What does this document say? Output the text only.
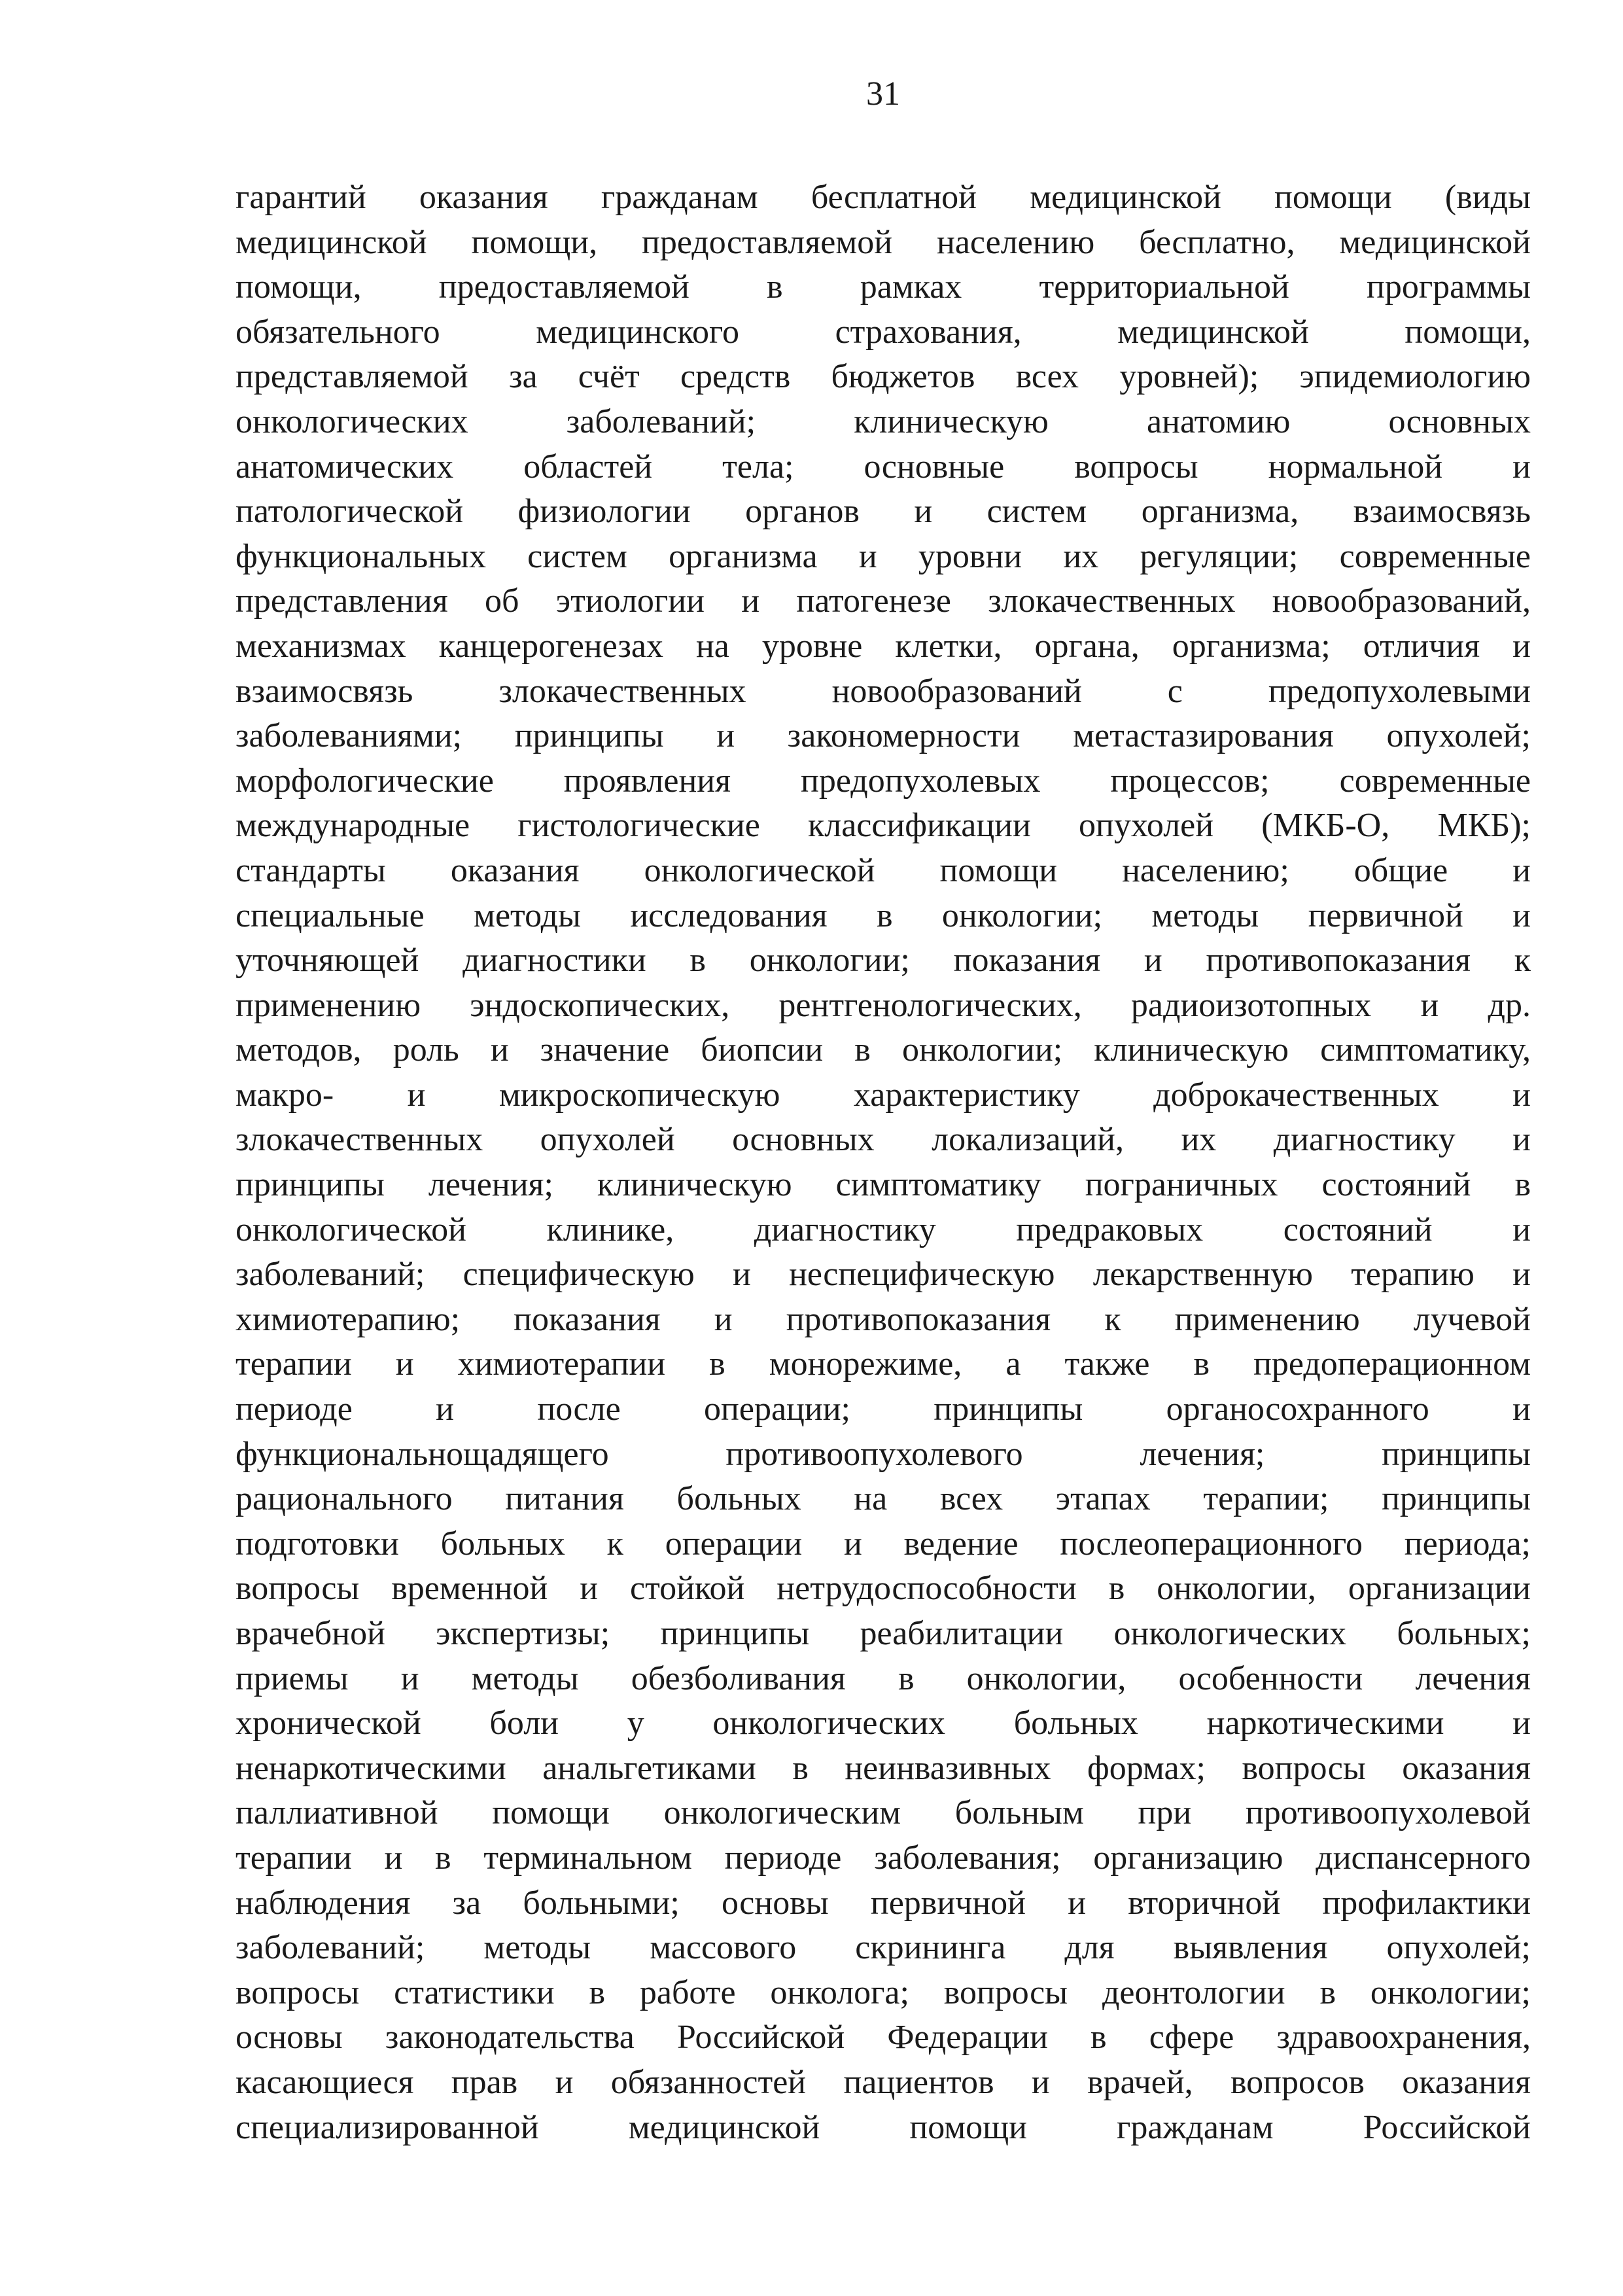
31
гарантий оказания гражданам бесплатной медицинской помощи (виды
медицинской помощи, предоставляемой населению бесплатно, медицинской
помощи, предоставляемой в рамках территориальной программы
обязательного медицинского страхования, медицинской помощи,
представляемой за счёт средств бюджетов всех уровней); эпидемиологию
онкологических заболеваний; клиническую анатомию основных
анатомических областей тела; основные вопросы нормальной и
патологической физиологии органов и систем организма, взаимосвязь
функциональных систем организма и уровни их регуляции; современные
представления об этиологии и патогенезе злокачественных новообразований,
механизмах канцерогенезах на уровне клетки, органа, организма; отличия и
взаимосвязь злокачественных новообразований с предопухолевыми
заболеваниями; принципы и закономерности метастазирования опухолей;
морфологические проявления предопухолевых процессов; современные
международные гистологические классификации опухолей (МКБ-О, МКБ);
стандарты оказания онкологической помощи населению; общие и
специальные методы исследования в онкологии; методы первичной и
уточняющей диагностики в онкологии; показания и противопоказания к
применению эндоскопических, рентгенологических, радиоизотопных и др.
методов, роль и значение биопсии в онкологии; клиническую симптоматику,
макро- и микроскопическую характеристику доброкачественных и
злокачественных опухолей основных локализаций, их диагностику и
принципы лечения; клиническую симптоматику пограничных состояний в
онкологической клинике, диагностику предраковых состояний и
заболеваний; специфическую и неспецифическую лекарственную терапию и
химиотерапию; показания и противопоказания к применению лучевой
терапии и химиотерапии в монорежиме, а также в предоперационном
периоде и после операции; принципы органосохранного и
функциональнощадящего противоопухолевого лечения; принципы
рационального питания больных на всех этапах терапии; принципы
подготовки больных к операции и ведение послеоперационного периода;
вопросы временной и стойкой нетрудоспособности в онкологии, организации
врачебной экспертизы; принципы реабилитации онкологических больных;
приемы и методы обезболивания в онкологии, особенности лечения
хронической боли у онкологических больных наркотическими и
ненаркотическими анальгетиками в неинвазивных формах; вопросы оказания
паллиативной помощи онкологическим больным при противоопухолевой
терапии и в терминальном периоде заболевания; организацию диспансерного
наблюдения за больными; основы первичной и вторичной профилактики
заболеваний; методы массового скрининга для выявления опухолей;
вопросы статистики в работе онколога; вопросы деонтологии в онкологии;
основы законодательства Российской Федерации в сфере здравоохранения,
касающиеся прав и обязанностей пациентов и врачей, вопросов оказания
специализированной медицинской помощи гражданам Российской
